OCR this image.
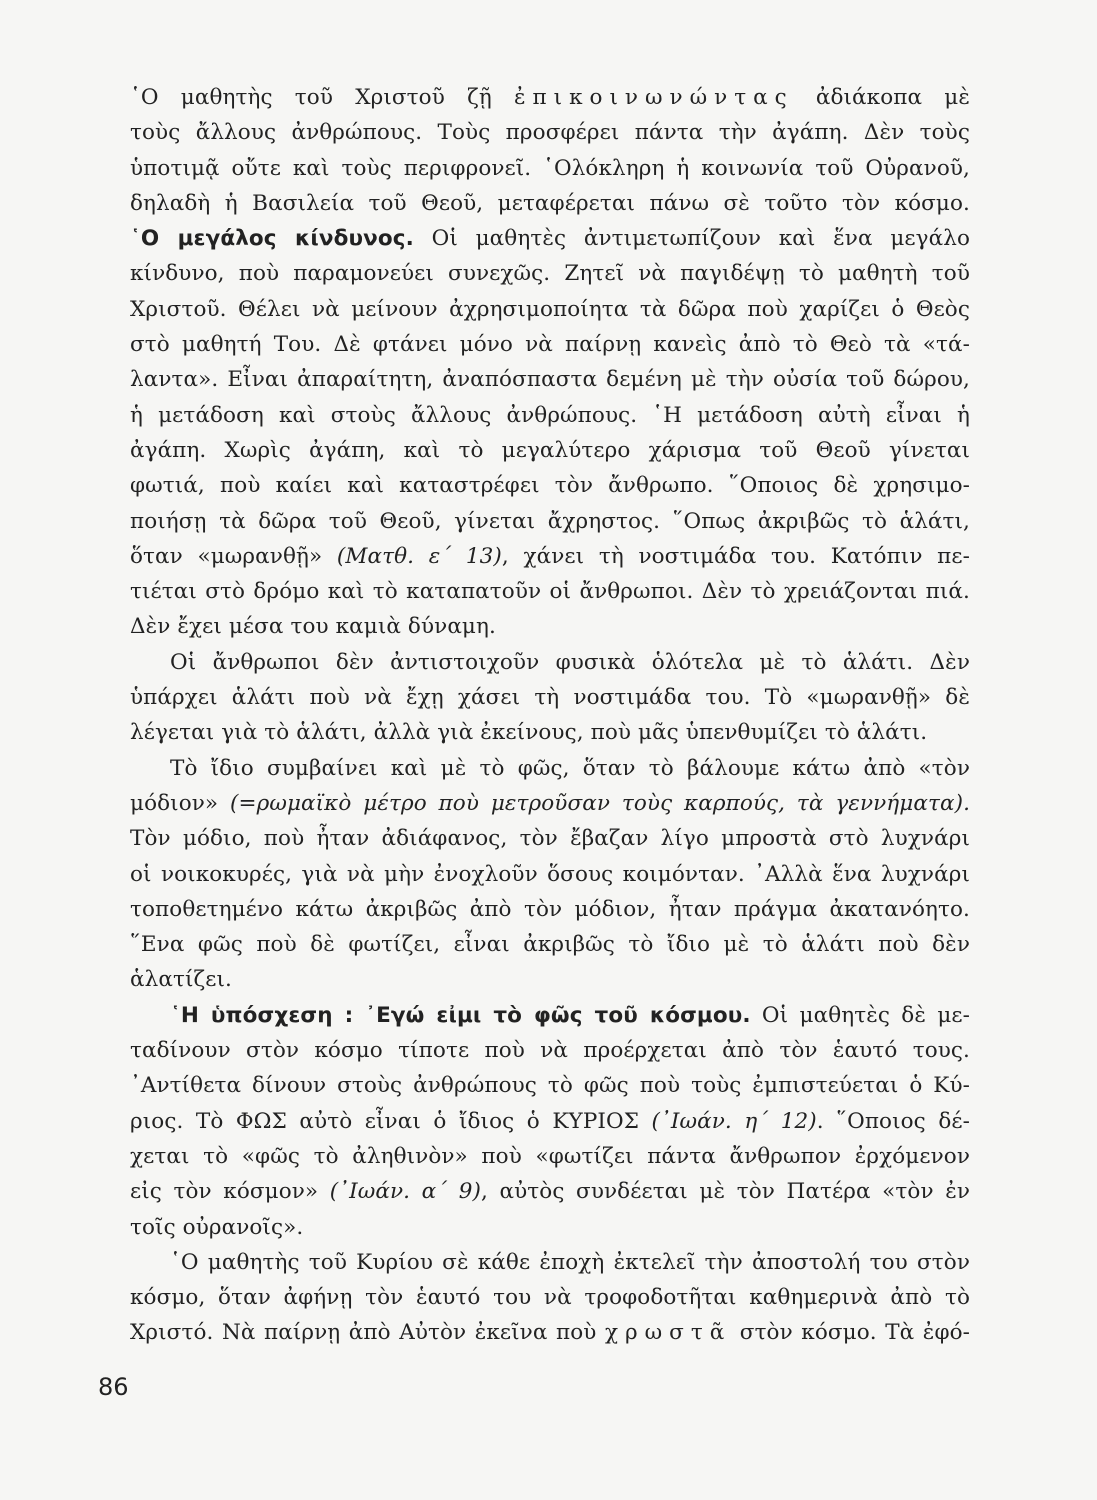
῾Ο μαθητὴς τοῦ Χριστοῦ ζῇ ἐπικοινωνώντας ἀδιάκοπα μὲ
τοὺς ἄλλους ἀνθρώπους. Τοὺς προσφέρει πάντα τὴν ἀγάπη. Δὲν τοὺς
ὑποτιμᾷ οὔτε καὶ τοὺς περιφρονεῖ. ῾Ολόκληρη ἡ κοινωνία τοῦ Οὐρανοῦ,
δηλαδὴ ἡ Βασιλεία τοῦ Θεοῦ, μεταφέρεται πάνω σὲ τοῦτο τὸν κόσμο.
῾Ο μεγάλος κίνδυνος. Οἱ μαθητὲς ἀντιμετωπίζουν καὶ ἕνα μεγάλο
κίνδυνο, ποὺ παραμονεύει συνεχῶς. Ζητεῖ νὰ παγιδέψῃ τὸ μαθητὴ τοῦ
Χριστοῦ. Θέλει νὰ μείνουν ἀχρησιμοποίητα τὰ δῶρα ποὺ χαρίζει ὁ Θεὸς
στὸ μαθητή Του. Δὲ φτάνει μόνο νὰ παίρνῃ κανεὶς ἀπὸ τὸ Θεὸ τὰ «τά-
λαντα». Εἶναι ἀπαραίτητη, ἀναπόσπαστα δεμένη μὲ τὴν οὐσία τοῦ δώρου,
ἡ μετάδοση καὶ στοὺς ἄλλους ἀνθρώπους. ῾Η μετάδοση αὐτὴ εἶναι ἡ
ἀγάπη. Χωρὶς ἀγάπη, καὶ τὸ μεγαλύτερο χάρισμα τοῦ Θεοῦ γίνεται
φωτιά, ποὺ καίει καὶ καταστρέφει τὸν ἄνθρωπο. ῞Οποιος δὲ χρησιμο-
ποιήσῃ τὰ δῶρα τοῦ Θεοῦ, γίνεται ἄχρηστος. ῞Οπως ἀκριβῶς τὸ ἁλάτι,
ὅταν «μωρανθῇ» (Ματθ. ε΄ 13), χάνει τὴ νοστιμάδα του. Κατόπιν πε-
τιέται στὸ δρόμο καὶ τὸ καταπατοῦν οἱ ἄνθρωποι. Δὲν τὸ χρειάζονται πιά.
Δὲν ἔχει μέσα του καμιὰ δύναμη.
Οἱ ἄνθρωποι δὲν ἀντιστοιχοῦν φυσικὰ ὁλότελα μὲ τὸ ἁλάτι. Δὲν
ὑπάρχει ἁλάτι ποὺ νὰ ἔχῃ χάσει τὴ νοστιμάδα του. Τὸ «μωρανθῇ» δὲ
λέγεται γιὰ τὸ ἁλάτι, ἀλλὰ γιὰ ἐκείνους, ποὺ μᾶς ὑπενθυμίζει τὸ ἁλάτι.
Τὸ ἴδιο συμβαίνει καὶ μὲ τὸ φῶς, ὅταν τὸ βάλουμε κάτω ἀπὸ «τὸν
μόδιον» (=ρωμαϊκὸ μέτρο ποὺ μετροῦσαν τοὺς καρπούς, τὰ γεννήματα).
Τὸν μόδιο, ποὺ ἦταν ἀδιάφανος, τὸν ἔβαζαν λίγο μπροστὰ στὸ λυχνάρι
οἱ νοικοκυρές, γιὰ νὰ μὴν ἐνοχλοῦν ὅσους κοιμόνταν. ᾿Αλλὰ ἕνα λυχνάρι
τοποθετημένο κάτω ἀκριβῶς ἀπὸ τὸν μόδιον, ἦταν πράγμα ἀκατανόητο.
῞Ενα φῶς ποὺ δὲ φωτίζει, εἶναι ἀκριβῶς τὸ ἴδιο μὲ τὸ ἁλάτι ποὺ δὲν
ἁλατίζει.
῾Η ὑπόσχεση : ᾿Εγώ εἰμι τὸ φῶς τοῦ κόσμου. Οἱ μαθητὲς δὲ με-
ταδίνουν στὸν κόσμο τίποτε ποὺ νὰ προέρχεται ἀπὸ τὸν ἑαυτό τους.
᾿Αντίθετα δίνουν στοὺς ἀνθρώπους τὸ φῶς ποὺ τοὺς ἐμπιστεύεται ὁ Κύ-
ριος. Τὸ ΦΩΣ αὐτὸ εἶναι ὁ ἴδιος ὁ ΚΥΡΙΟΣ (᾿Ιωάν. η΄ 12). ῞Οποιος δέ-
χεται τὸ «φῶς τὸ ἀληθινὸν» ποὺ «φωτίζει πάντα ἄνθρωπον ἐρχόμενον
εἰς τὸν κόσμον» (᾿Ιωάν. α΄ 9), αὐτὸς συνδέεται μὲ τὸν Πατέρα «τὸν ἐν
τοῖς οὐρανοῖς».
῾Ο μαθητὴς τοῦ Κυρίου σὲ κάθε ἐποχὴ ἐκτελεῖ τὴν ἀποστολή του στὸν
κόσμο, ὅταν ἀφήνῃ τὸν ἑαυτό του νὰ τροφοδοτῆται καθημερινὰ ἀπὸ τὸ
Χριστό. Νὰ παίρνῃ ἀπὸ Αὐτὸν ἐκεῖνα ποὺ χρωστᾶ στὸν κόσμο. Τὰ ἐφό-
86
